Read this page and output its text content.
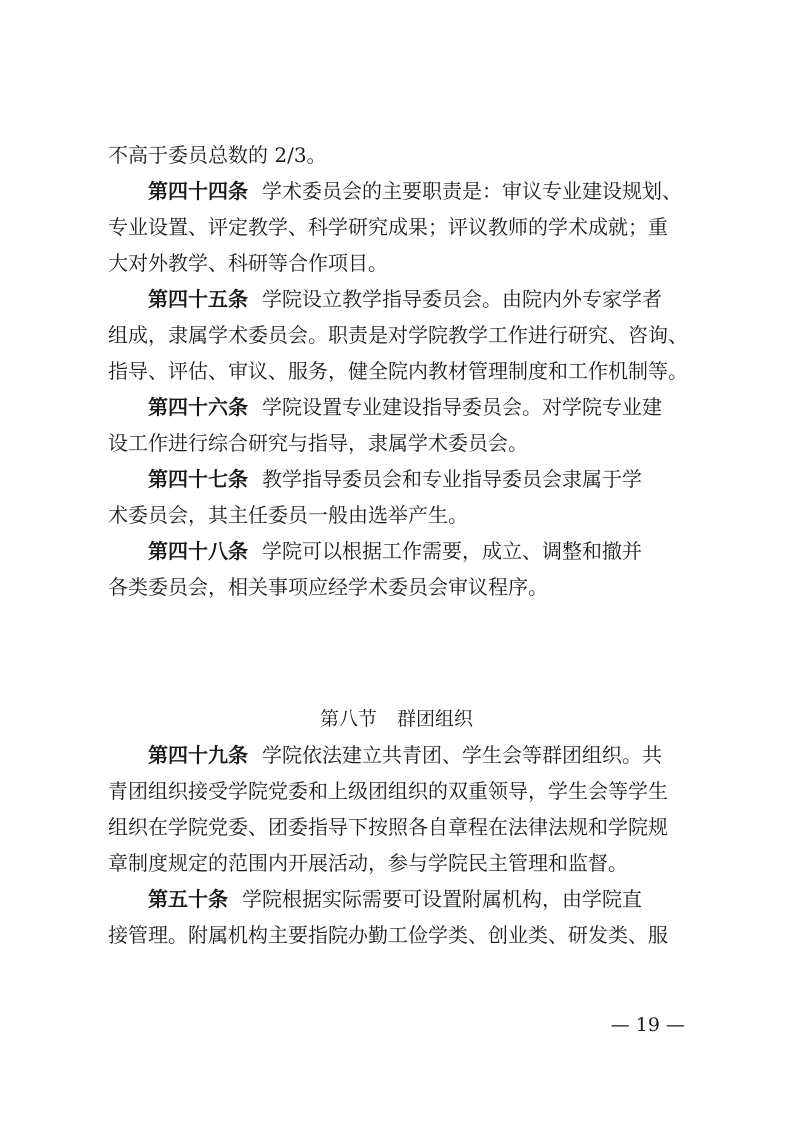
不高于委员总数的 2/3。
第四十四条 学术委员会的主要职责是：审议专业建设规划、
专业设置、评定教学、科学研究成果；评议教师的学术成就；重
大对外教学、科研等合作项目。
第四十五条 学院设立教学指导委员会。由院内外专家学者
组成，隶属学术委员会。职责是对学院教学工作进行研究、咨询、
指导、评估、审议、服务，健全院内教材管理制度和工作机制等。
第四十六条 学院设置专业建设指导委员会。对学院专业建
设工作进行综合研究与指导，隶属学术委员会。
第四十七条 教学指导委员会和专业指导委员会隶属于学
术委员会，其主任委员一般由选举产生。
第四十八条 学院可以根据工作需要，成立、调整和撤并
各类委员会，相关事项应经学术委员会审议程序。
第八节 群团组织
第四十九条 学院依法建立共青团、学生会等群团组织。共
青团组织接受学院党委和上级团组织的双重领导，学生会等学生
组织在学院党委、团委指导下按照各自章程在法律法规和学院规
章制度规定的范围内开展活动，参与学院民主管理和监督。
第五十条 学院根据实际需要可设置附属机构，由学院直
接管理。附属机构主要指院办勤工俭学类、创业类、研发类、服
— 19 —
